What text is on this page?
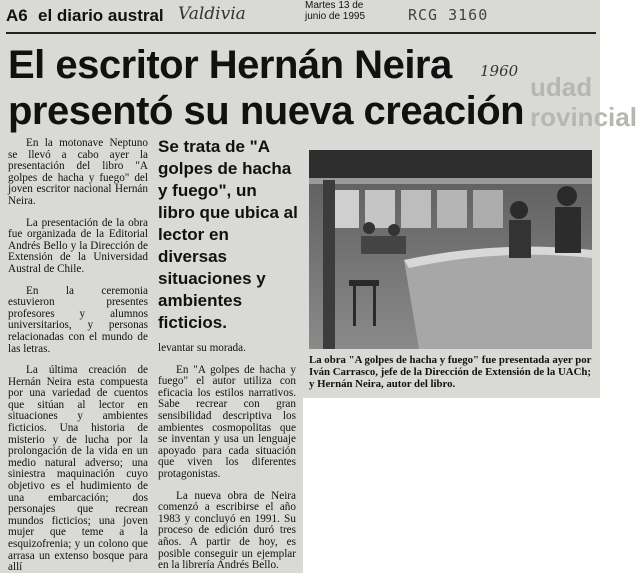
udad
rovincial
A6 el diario austral Valdivia	Martes 13 de
junio de 1995	RCG 3160
El escritor Hernán Neira presentó su nueva creación
1960

En la motonave Neptuno se llevó a cabo ayer la presentación del libro "A golpes de hacha y fuego" del joven escritor nacional Hernán Neira.

La presentación de la obra fue organizada de la Editorial Andrés Bello y la Dirección de Extensión de la Universidad Austral de Chile.

En la ceremonia estuvieron presentes profesores y alumnos universitarios, y personas relacionadas con el mundo de las letras.

La última creación de Hernán Neira esta compuesta por una variedad de cuentos que sitúan al lector en situaciones y ambientes ficticios. Una historia de misterio y de lucha por la prolongación de la vida en un medio natural adverso; una siniestra maquinación cuyo objetivo es el hudimiento de una embarcación; dos personajes que recrean mundos ficticios; una joven mujer que teme a la esquizofrenia; y un colono que arrasa un extenso bosque para allí

Se trata de "A golpes de hacha y fuego", un libro que ubica al lector en diversas situaciones y ambientes ficticios.

levantar su morada.

En "A golpes de hacha y fuego" el autor utiliza con eficacia los estilos narrativos. Sabe recrear con gran sensibilidad descriptiva los ambientes cosmopolitas que se inventan y usa un lenguaje apoyado para cada situación que viven los diferentes protagonistas.

La nueva obra de Neira comenzó a escribirse el año 1983 y concluyó en 1991. Su proceso de edición duró tres años. A partir de hoy, es posible conseguir un ejemplar en la librería Andrés Bello.

La obra "A golpes de hacha y fuego" fue presentada ayer por Iván Carrasco, jefe de la Dirección de Extensión de la UACh; y Hernán Neira, autor del libro.
